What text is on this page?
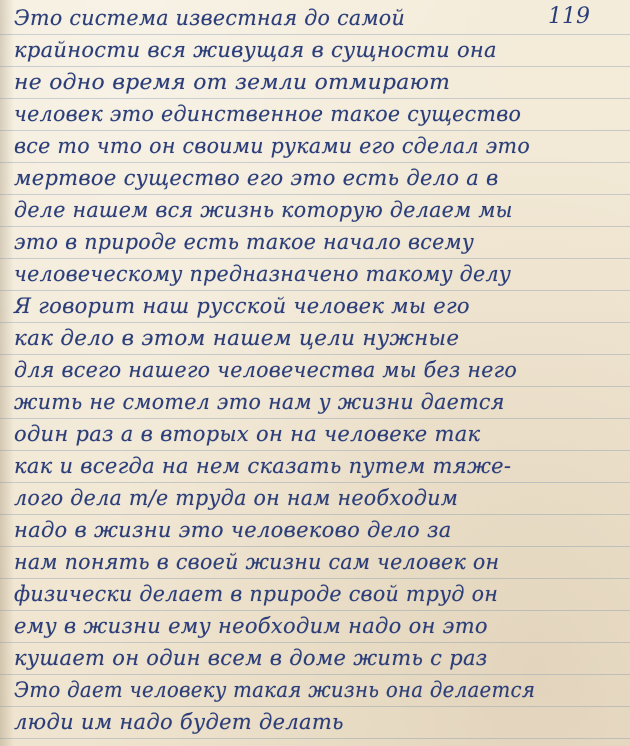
119
Это система известная до самой
крайности вся живущая в сущности она
не одно время от земли отмирают
человек это единственное такое существо
все то что он своими руками его сделал это
мертвое существо его это есть дело а в
деле нашем вся жизнь которую делаем мы
это в природе есть такое начало всему
человеческому предназначено такому делу
Я говорит наш русской человек мы его
как дело в этом нашем цели нужные
для всего нашего человечества мы без него
жить не смотел это нам у жизни дается
один раз а в вторых он на человеке так
как и всегда на нем сказать путем тяже-
лого дела т/е труда он нам необходим
надо в жизни это человеково дело за
нам понять в своей жизни сам человек он
физически делает в природе свой труд он
ему в жизни ему необходим надо он это
кушает он один всем в доме жить с раз
Это дает человеку такая жизнь она делается
люди им надо будет делать
